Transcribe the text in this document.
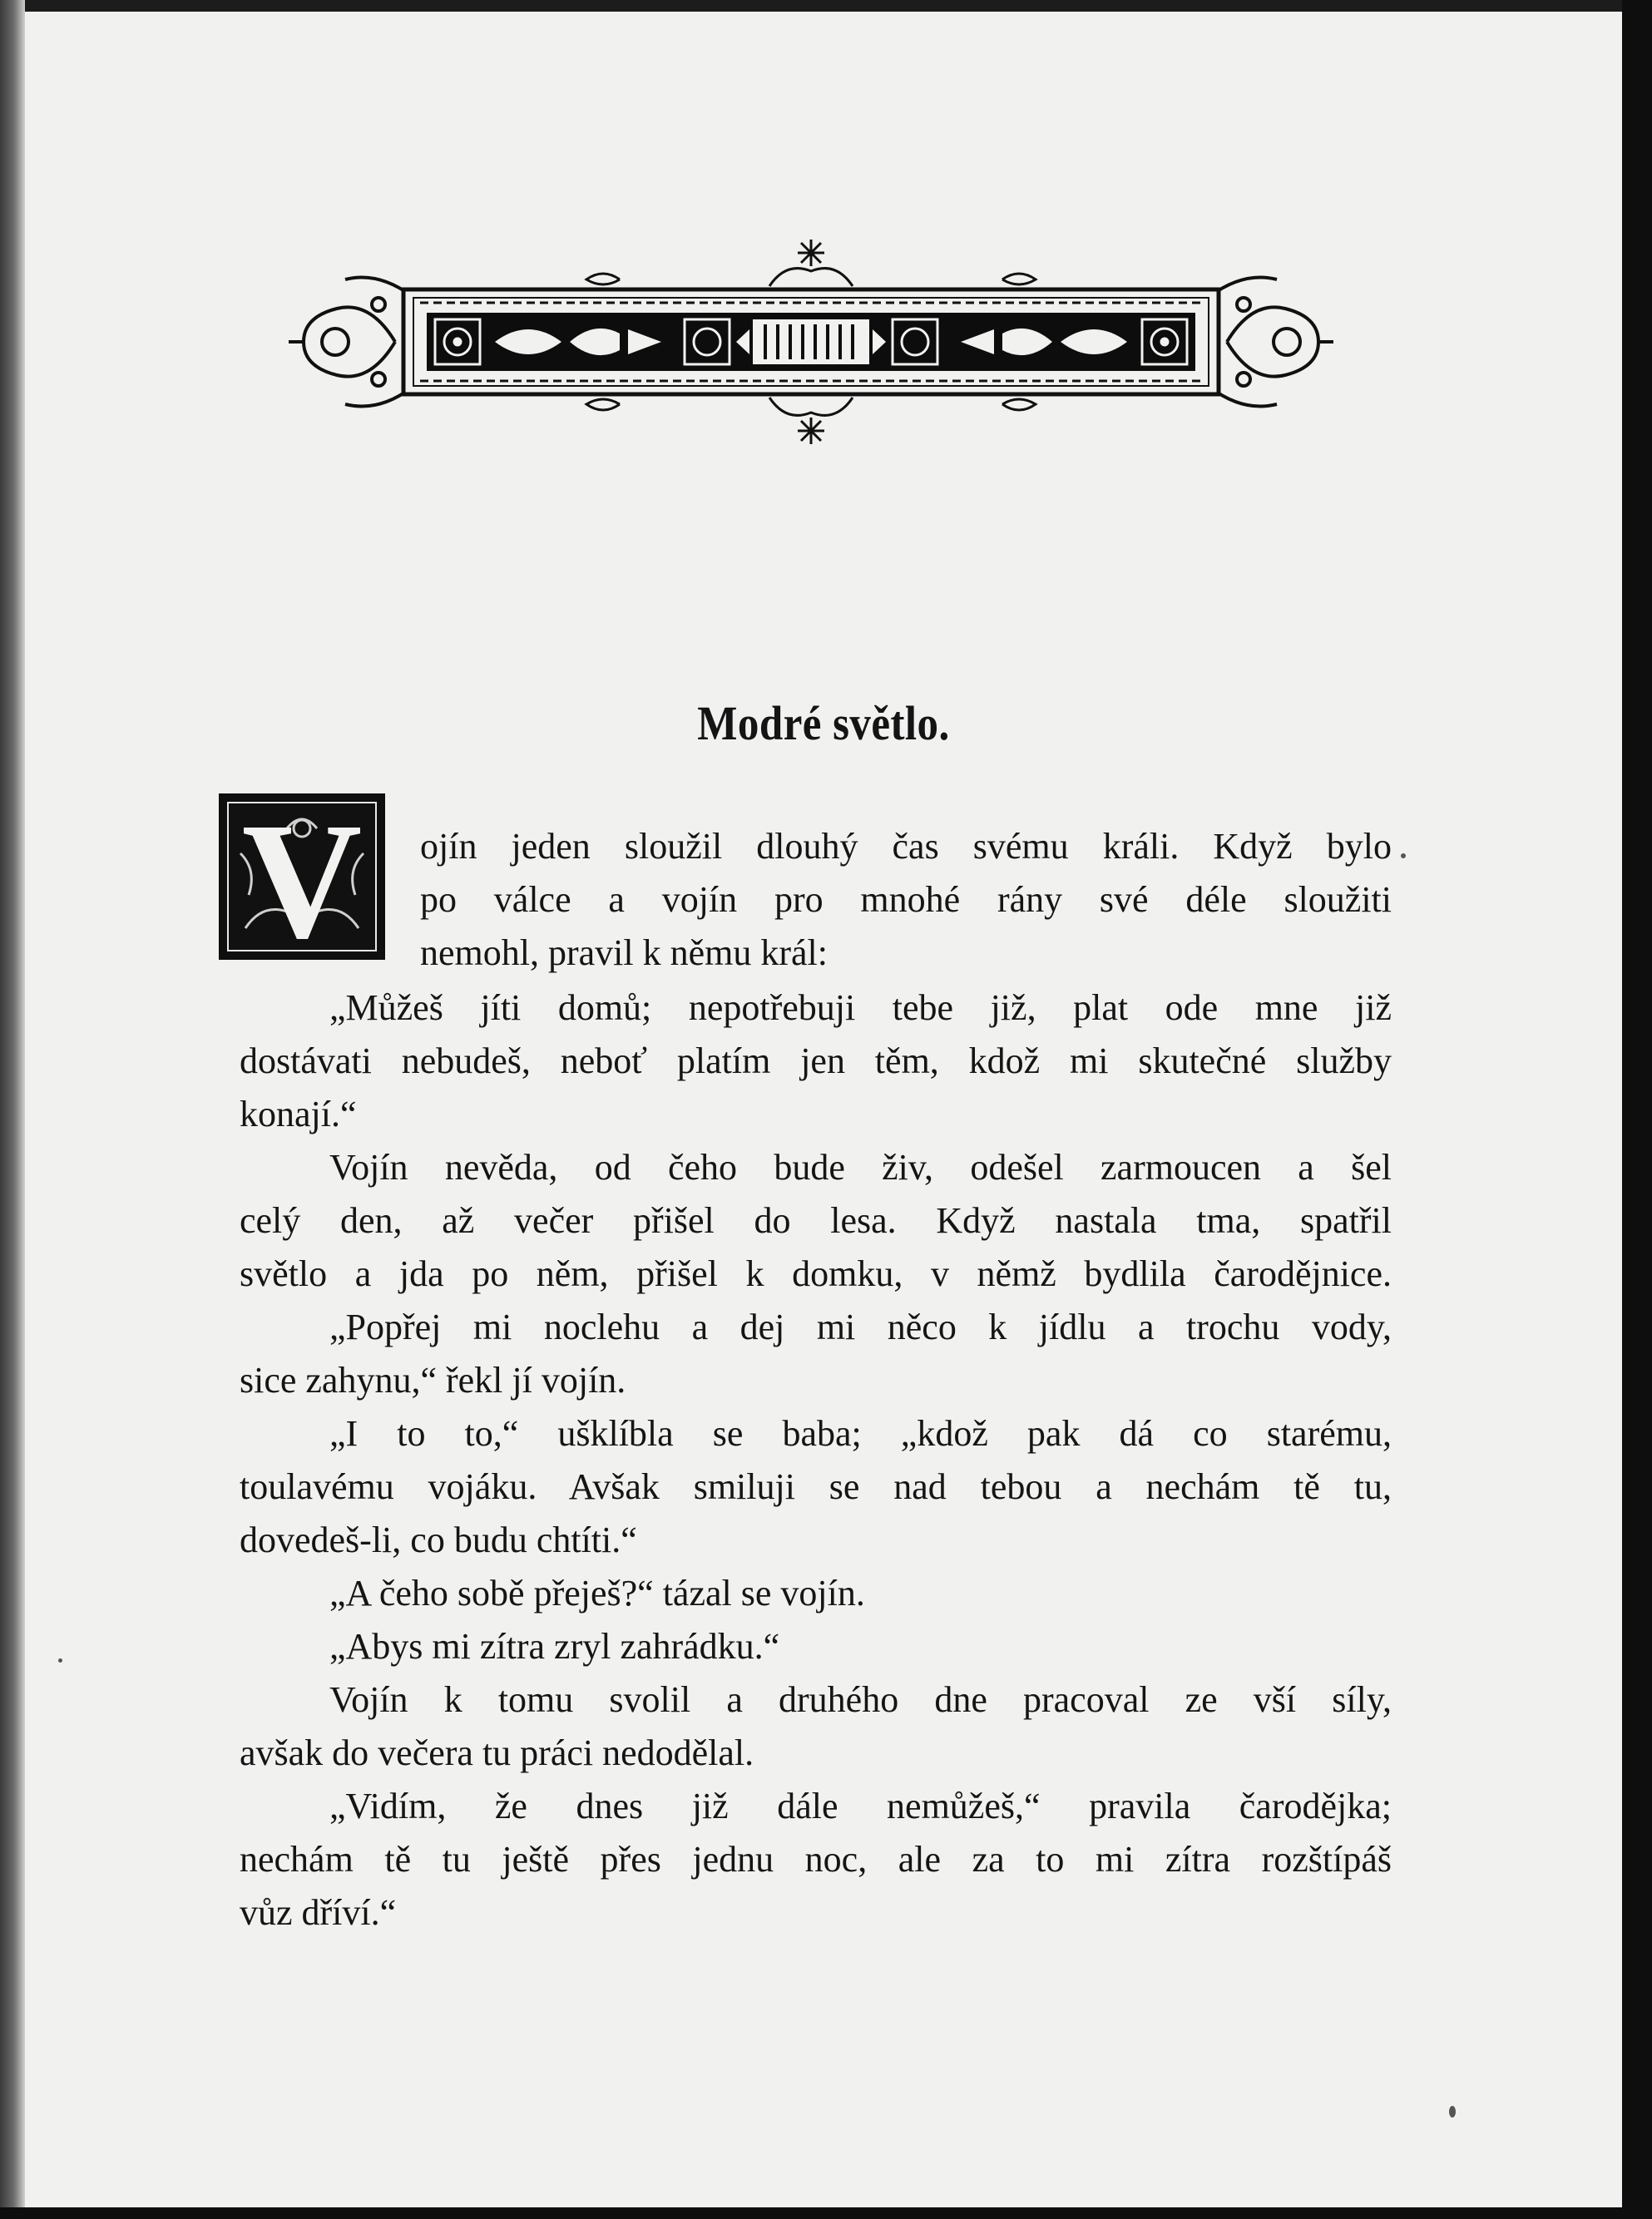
Modré světlo.
V	ojín jeden sloužil dlouhý čas svému králi. Když bylo
po válce a vojín pro mnohé rány své déle sloužiti
nemohl, pravil k němu král:
„Můžeš jíti domů; nepotřebuji tebe již, plat ode mne již
dostávati nebudeš, neboť platím jen těm, kdož mi skutečné služby
konají.“
Vojín nevěda, od čeho bude živ, odešel zarmoucen a šel
celý den, až večer přišel do lesa. Když nastala tma, spatřil
světlo a jda po něm, přišel k domku, v němž bydlila čarodějnice.
„Popřej mi noclehu a dej mi něco k jídlu a trochu vody,
sice zahynu,“ řekl jí vojín.
„I to to,“ ušklíbla se baba; „kdož pak dá co starému,
toulavému vojáku. Avšak smiluji se nad tebou a nechám tě tu,
dovedeš-li, co budu chtíti.“
„A čeho sobě přeješ?“ tázal se vojín.
„Abys mi zítra zryl zahrádku.“
Vojín k tomu svolil a druhého dne pracoval ze vší síly,
avšak do večera tu práci nedodělal.
„Vidím, že dnes již dále nemůžeš,“ pravila čarodějka;
nechám tě tu ještě přes jednu noc, ale za to mi zítra rozštípáš
vůz dříví.“
